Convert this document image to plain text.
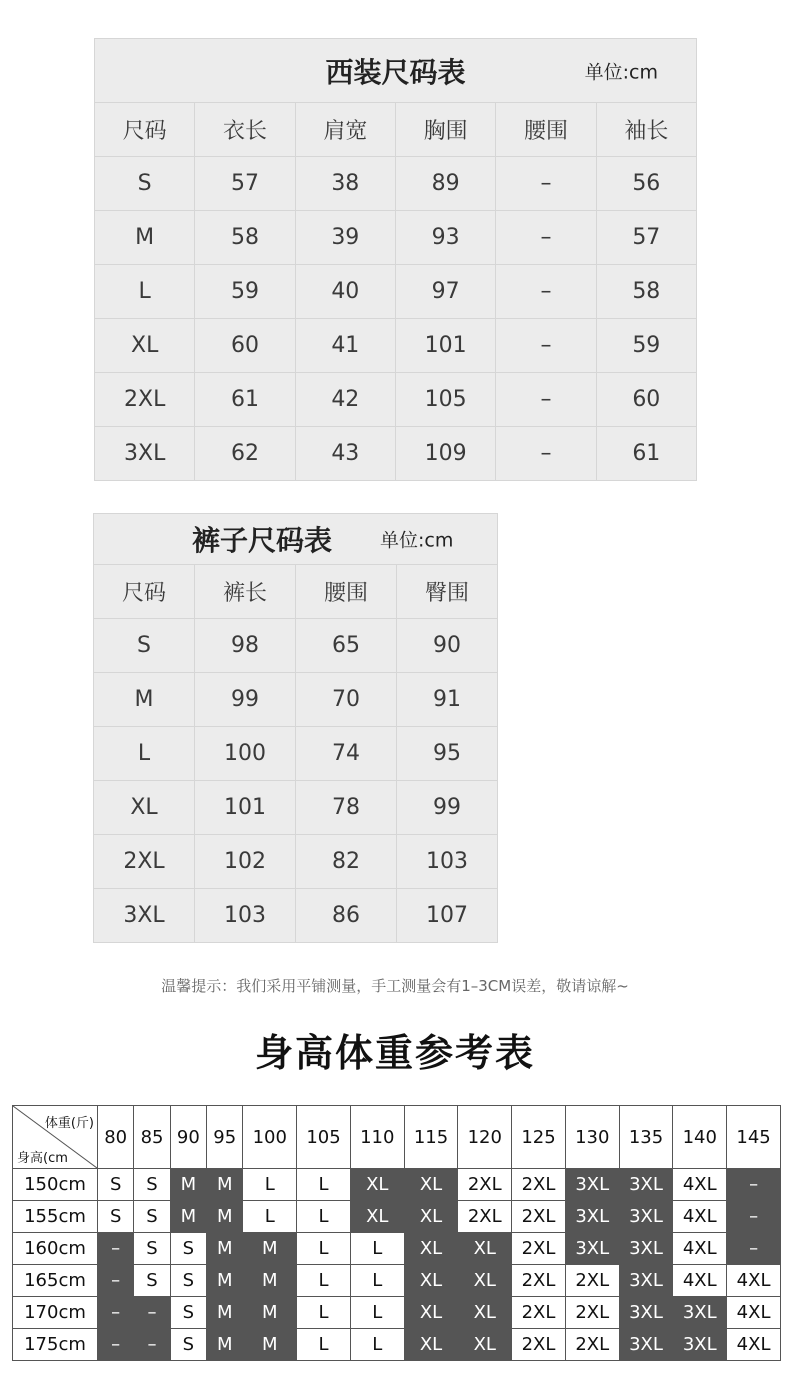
西装尺码表 单位:cm					

尺码	衣长	肩宽	胸围	腰围	袖长
S	57	38	89	–	56
M	58	39	93	–	57
L	59	40	97	–	58
XL	60	41	101	–	59
2XL	61	42	105	–	60
3XL	62	43	109	–	61
裤子尺码表 单位:cm			

尺码	裤长	腰围	臀围
S	98	65	90
M	99	70	91
L	100	74	95
XL	101	78	99
2XL	102	82	103
3XL	103	86	107
温馨提示：我们采用平铺测量，手工测量会有1–3CM误差，敬请谅解~
身高体重参考表
体重(斤)
身高(cm	80	85	90	95	100	105	110	115	120	125	130	135	140	145
150cm	S	S	M	M	L	L	XL	XL	2XL	2XL	3XL	3XL	4XL	–
155cm	S	S	M	M	L	L	XL	XL	2XL	2XL	3XL	3XL	4XL	–
160cm	–	S	S	M	M	L	L	XL	XL	2XL	3XL	3XL	4XL	–
165cm	–	S	S	M	M	L	L	XL	XL	2XL	2XL	3XL	4XL	4XL
170cm	–	–	S	M	M	L	L	XL	XL	2XL	2XL	3XL	3XL	4XL
175cm	–	–	S	M	M	L	L	XL	XL	2XL	2XL	3XL	3XL	4XL
